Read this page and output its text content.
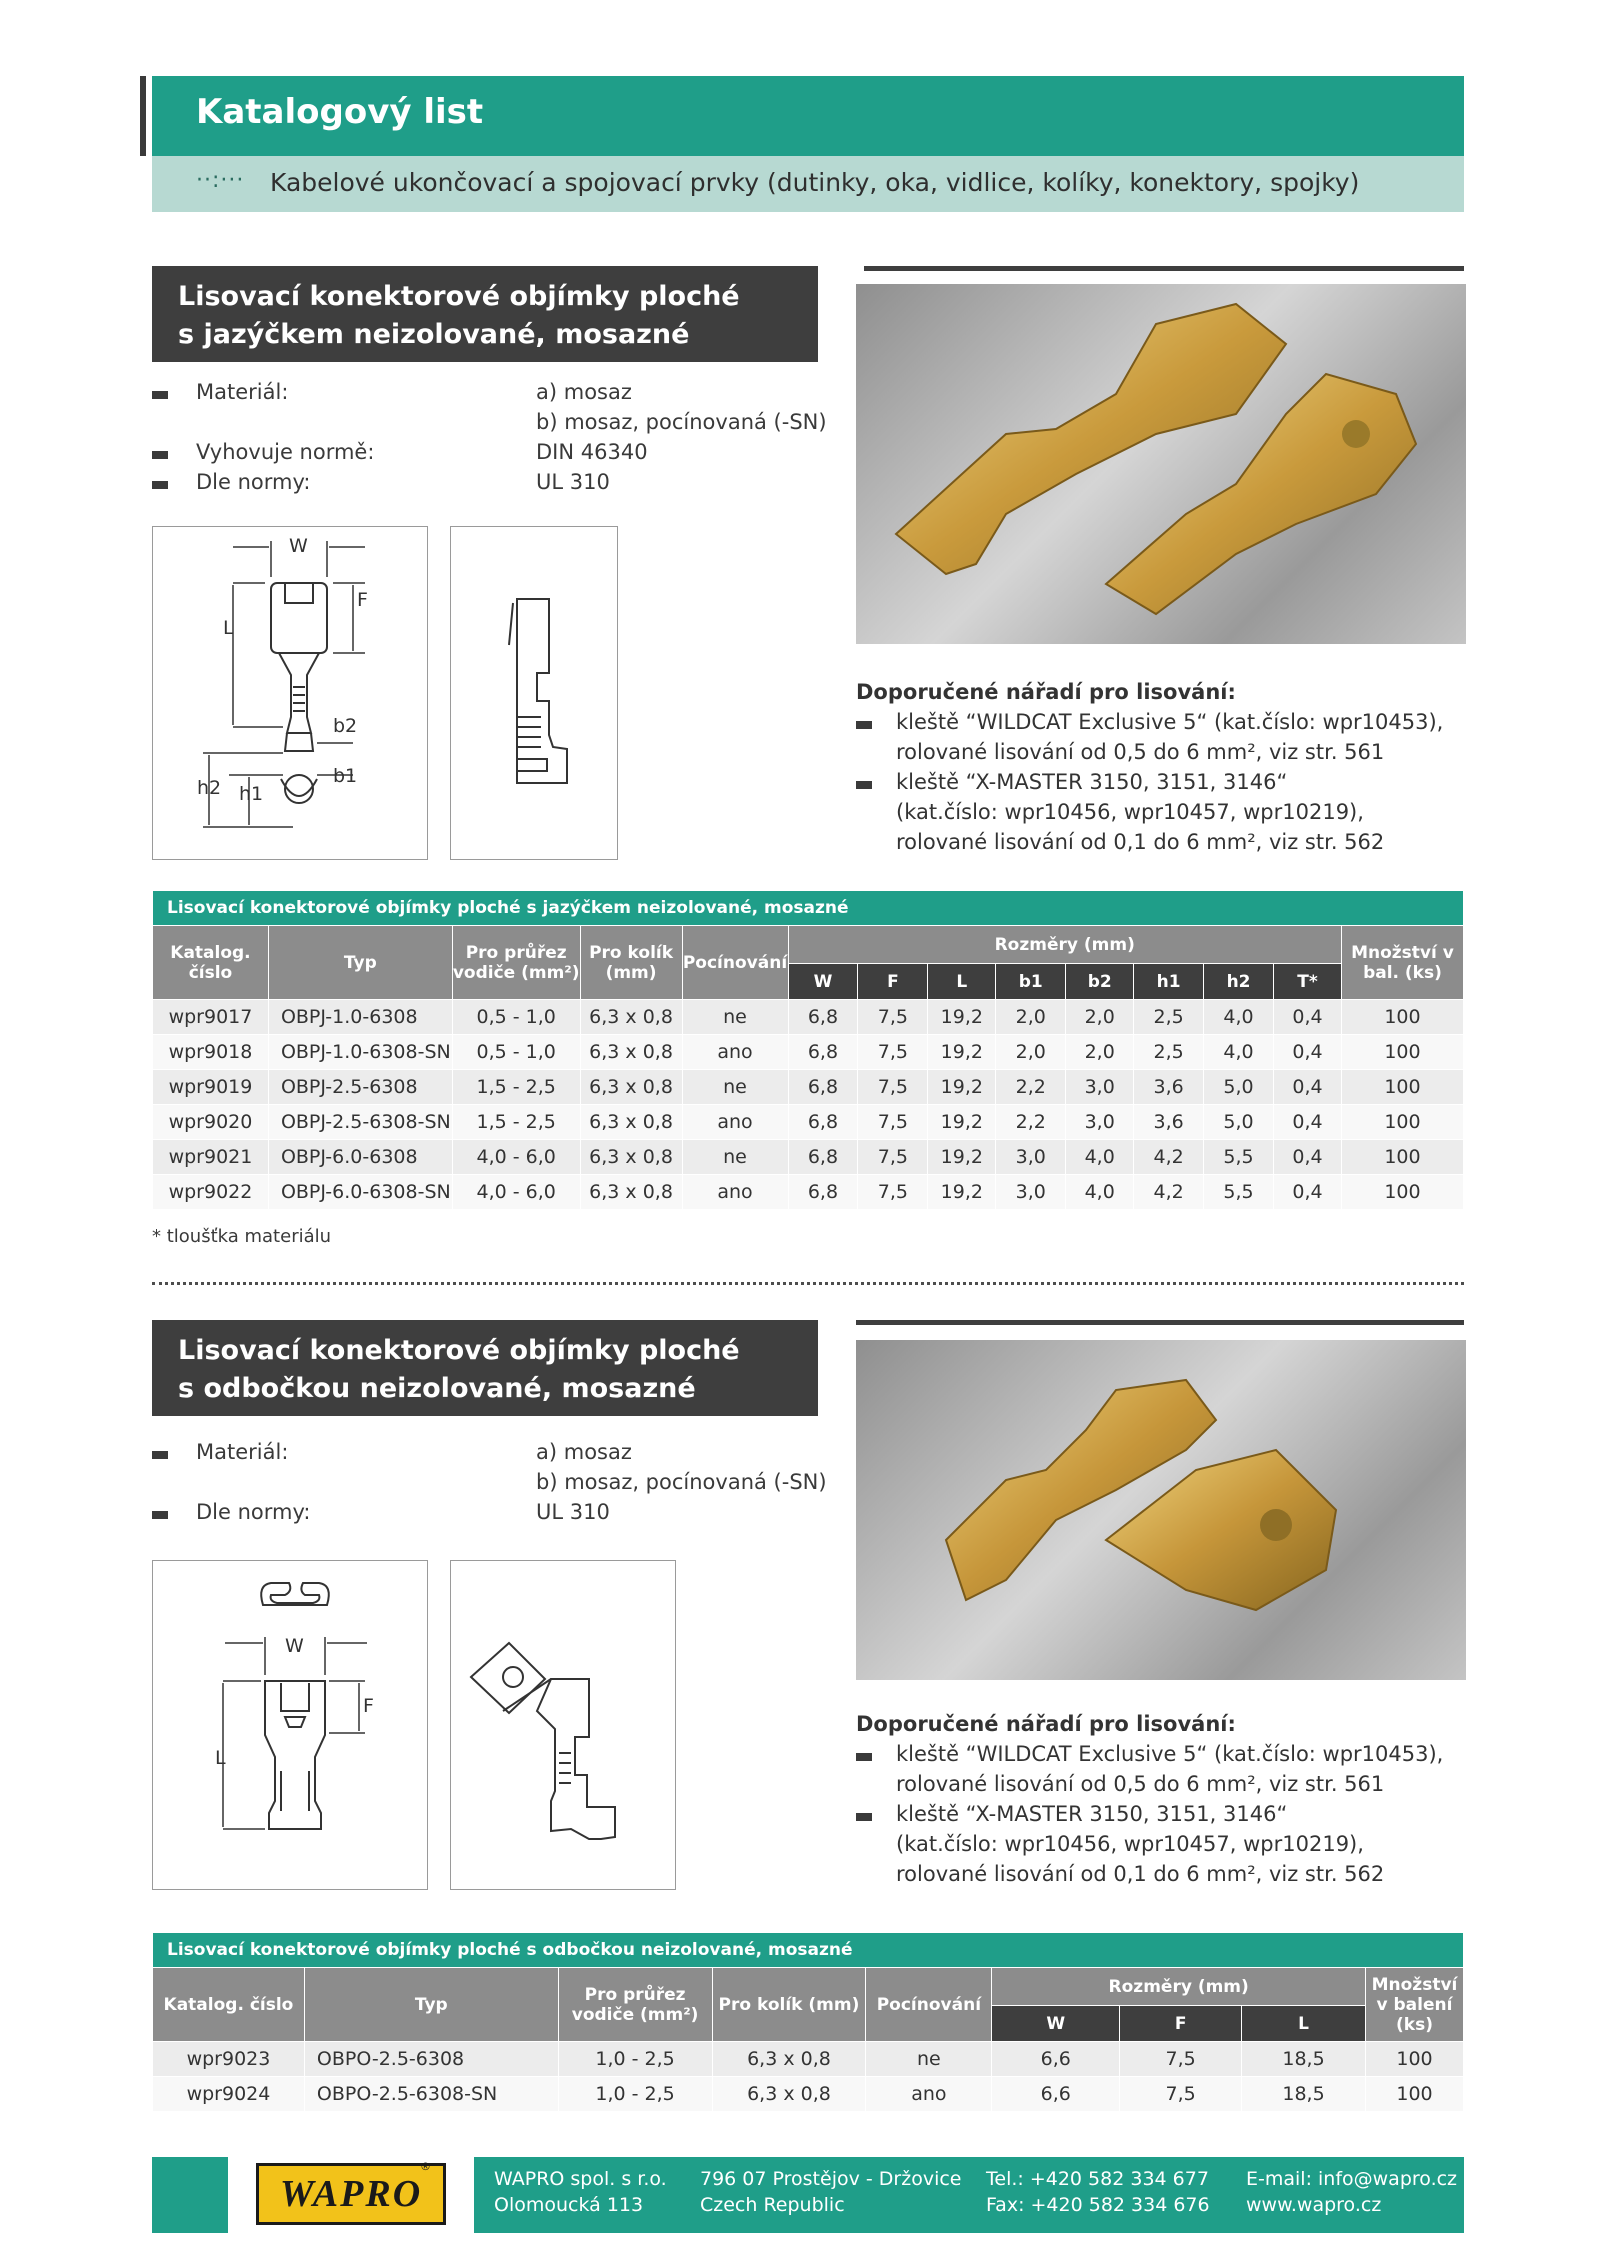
Katalogový list
··:··· Kabelové ukončovací a spojovací prvky (dutinky, oka, vidlice, kolíky, konektory, spojky)
Lisovací konektorové objímky ploché
s jazýčkem neizolované, mosazné
Materiál:	a) mosaz
b) mosaz, pocínovaná (-SN)
Vyhovuje normě:	DIN 46340
Dle normy:	UL 310
W
F
L
b2
b1
h2 h1
Doporučené nářadí pro lisování:
kleště “WILDCAT Exclusive 5“ (kat.číslo: wpr10453),
rolované lisování od 0,5 do 6 mm², viz str. 561
kleště “X-MASTER 3150, 3151, 3146“
(kat.číslo: wpr10456, wpr10457, wpr10219),
rolované lisování od 0,1 do 6 mm², viz str. 562
Lisovací konektorové objímky ploché s jazýčkem neizolované, mosazné													
Katalog. číslo	Typ	Pro průřez vodiče (mm²)	Pro kolík (mm)	Pocínování	Rozměry (mm)								Množství v bal. (ks)
					W	F	L	b1	b2	h1	h2	T*	
wpr9017	OBPJ-1.0-6308	0,5 - 1,0	6,3 x 0,8	ne	6,8	7,5	19,2	2,0	2,0	2,5	4,0	0,4	100
wpr9018	OBPJ-1.0-6308-SN	0,5 - 1,0	6,3 x 0,8	ano	6,8	7,5	19,2	2,0	2,0	2,5	4,0	0,4	100
wpr9019	OBPJ-2.5-6308	1,5 - 2,5	6,3 x 0,8	ne	6,8	7,5	19,2	2,2	3,0	3,6	5,0	0,4	100
wpr9020	OBPJ-2.5-6308-SN	1,5 - 2,5	6,3 x 0,8	ano	6,8	7,5	19,2	2,2	3,0	3,6	5,0	0,4	100
wpr9021	OBPJ-6.0-6308	4,0 - 6,0	6,3 x 0,8	ne	6,8	7,5	19,2	3,0	4,0	4,2	5,5	0,4	100
wpr9022	OBPJ-6.0-6308-SN	4,0 - 6,0	6,3 x 0,8	ano	6,8	7,5	19,2	3,0	4,0	4,2	5,5	0,4	100
* tloušťka materiálu
Lisovací konektorové objímky ploché
s odbočkou neizolované, mosazné
Materiál:	a) mosaz
b) mosaz, pocínovaná (-SN)
Dle normy:	UL 310
W
F
L
Doporučené nářadí pro lisování:
kleště “WILDCAT Exclusive 5“ (kat.číslo: wpr10453),
rolované lisování od 0,5 do 6 mm², viz str. 561
kleště “X-MASTER 3150, 3151, 3146“
(kat.číslo: wpr10456, wpr10457, wpr10219),
rolované lisování od 0,1 do 6 mm², viz str. 562
Lisovací konektorové objímky ploché s odbočkou neizolované, mosazné								
Katalog. číslo	Typ	Pro průřez vodiče (mm²)	Pro kolík (mm)	Pocínování	Rozměry (mm)			Množství v balení (ks)
					W	F	L	
wpr9023	OBPO-2.5-6308	1,0 - 2,5	6,3 x 0,8	ne	6,6	7,5	18,5	100
wpr9024	OBPO-2.5-6308-SN	1,0 - 2,5	6,3 x 0,8	ano	6,6	7,5	18,5	100
WAPRO
®
WAPRO spol. s r.o.
Olomoucká 113
796 07 Prostějov - Držovice
Czech Republic
Tel.: +420 582 334 677
Fax: +420 582 334 676
E-mail: info@wapro.cz
www.wapro.cz
